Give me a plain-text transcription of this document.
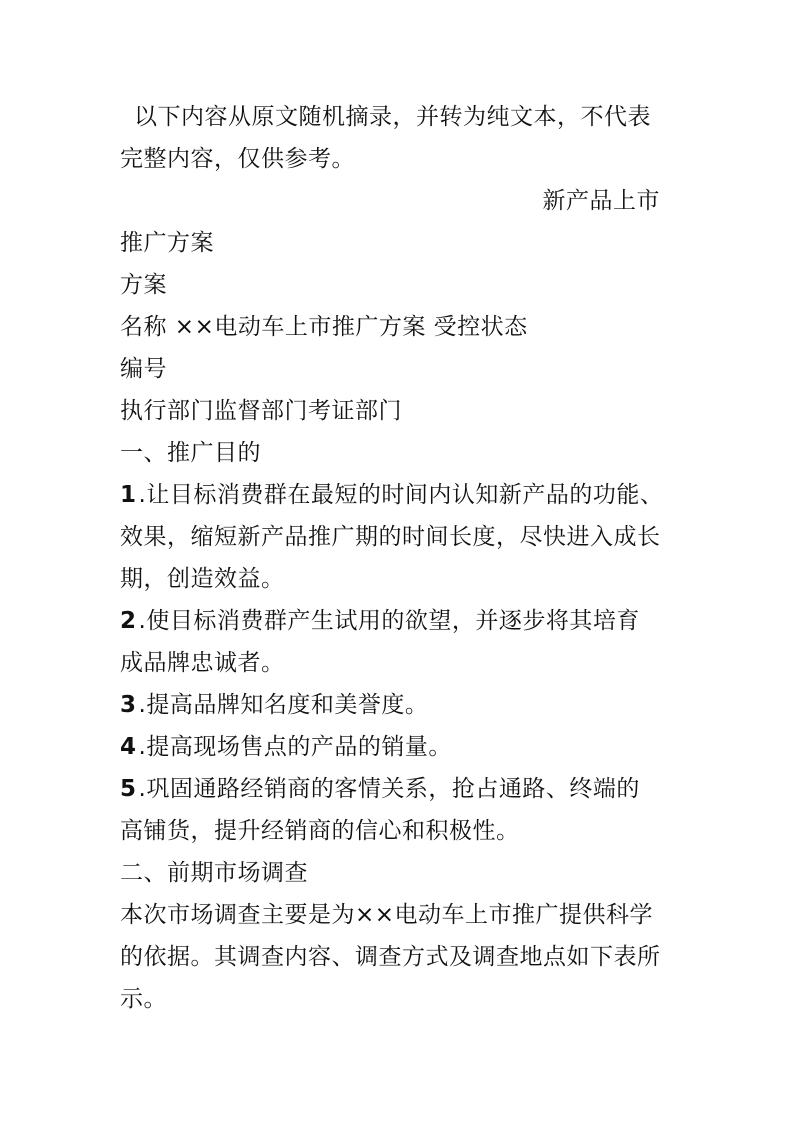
以下内容从原文随机摘录，并转为纯文本，不代表
完整内容，仅供参考。
新产品上市
推广方案
方案
名称 ××电动车上市推广方案 受控状态
编号
执行部门监督部门考证部门
一、推广目的
1.让目标消费群在最短的时间内认知新产品的功能、
效果，缩短新产品推广期的时间长度，尽快进入成长
期，创造效益。
2.使目标消费群产生试用的欲望，并逐步将其培育
成品牌忠诚者。
3.提高品牌知名度和美誉度。
4.提高现场售点的产品的销量。
5.巩固通路经销商的客情关系，抢占通路、终端的
高铺货，提升经销商的信心和积极性。
二、前期市场调查
本次市场调查主要是为××电动车上市推广提供科学
的依据。其调查内容、调查方式及调查地点如下表所
示。
